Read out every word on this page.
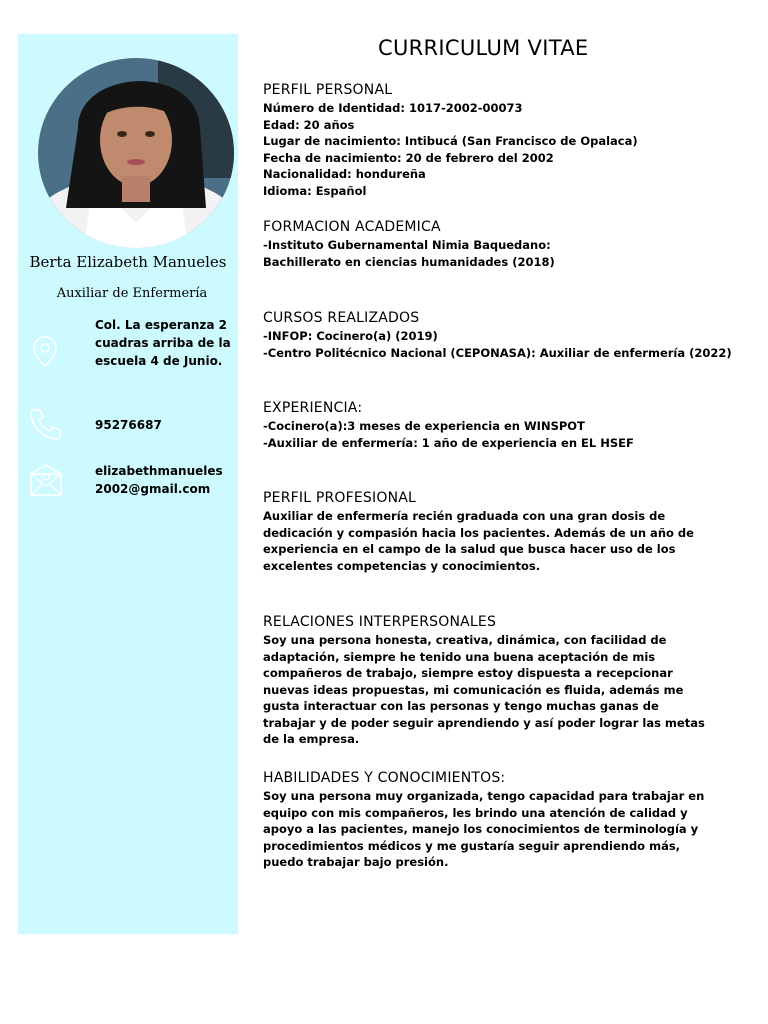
Berta Elizabeth Manueles
Auxiliar de Enfermería
Col. La esperanza 2 cuadras arriba de la escuela 4 de Junio.
95276687
elizabethmanueles2002@gmail.com
CURRICULUM VITAE
PERFIL PERSONAL

Número de Identidad: 1017-2002-00073

Edad: 20 años

Lugar de nacimiento: Intibucá (San Francisco de Opalaca)

Fecha de nacimiento: 20 de febrero del 2002

Nacionalidad: hondureña

Idioma: Español

FORMACION ACADEMICA

-Instituto Gubernamental Nimia Baquedano:

Bachillerato en ciencias humanidades (2018)

CURSOS REALIZADOS

-INFOP: Cocinero(a) (2019)

-Centro Politécnico Nacional (CEPONASA): Auxiliar de enfermería (2022)

EXPERIENCIA:

-Cocinero(a):3 meses de experiencia en WINSPOT

-Auxiliar de enfermería: 1 año de experiencia en EL HSEF

PERFIL PROFESIONAL

Auxiliar de enfermería recién graduada con una gran dosis de dedicación y compasión hacia los pacientes. Además de un año de experiencia en el campo de la salud que busca hacer uso de los excelentes competencias y conocimientos.

RELACIONES INTERPERSONALES

Soy una persona honesta, creativa, dinámica, con facilidad de adaptación, siempre he tenido una buena aceptación de mis compañeros de trabajo, siempre estoy dispuesta a recepcionar nuevas ideas propuestas, mi comunicación es fluida, además me gusta interactuar con las personas y tengo muchas ganas de trabajar y de poder seguir aprendiendo y así poder lograr las metas de la empresa.

HABILIDADES Y CONOCIMIENTOS:

Soy una persona muy organizada, tengo capacidad para trabajar en equipo con mis compañeros, les brindo una atención de calidad y apoyo a las pacientes, manejo los conocimientos de terminología y procedimientos médicos y me gustaría seguir aprendiendo más, puedo trabajar bajo presión.
